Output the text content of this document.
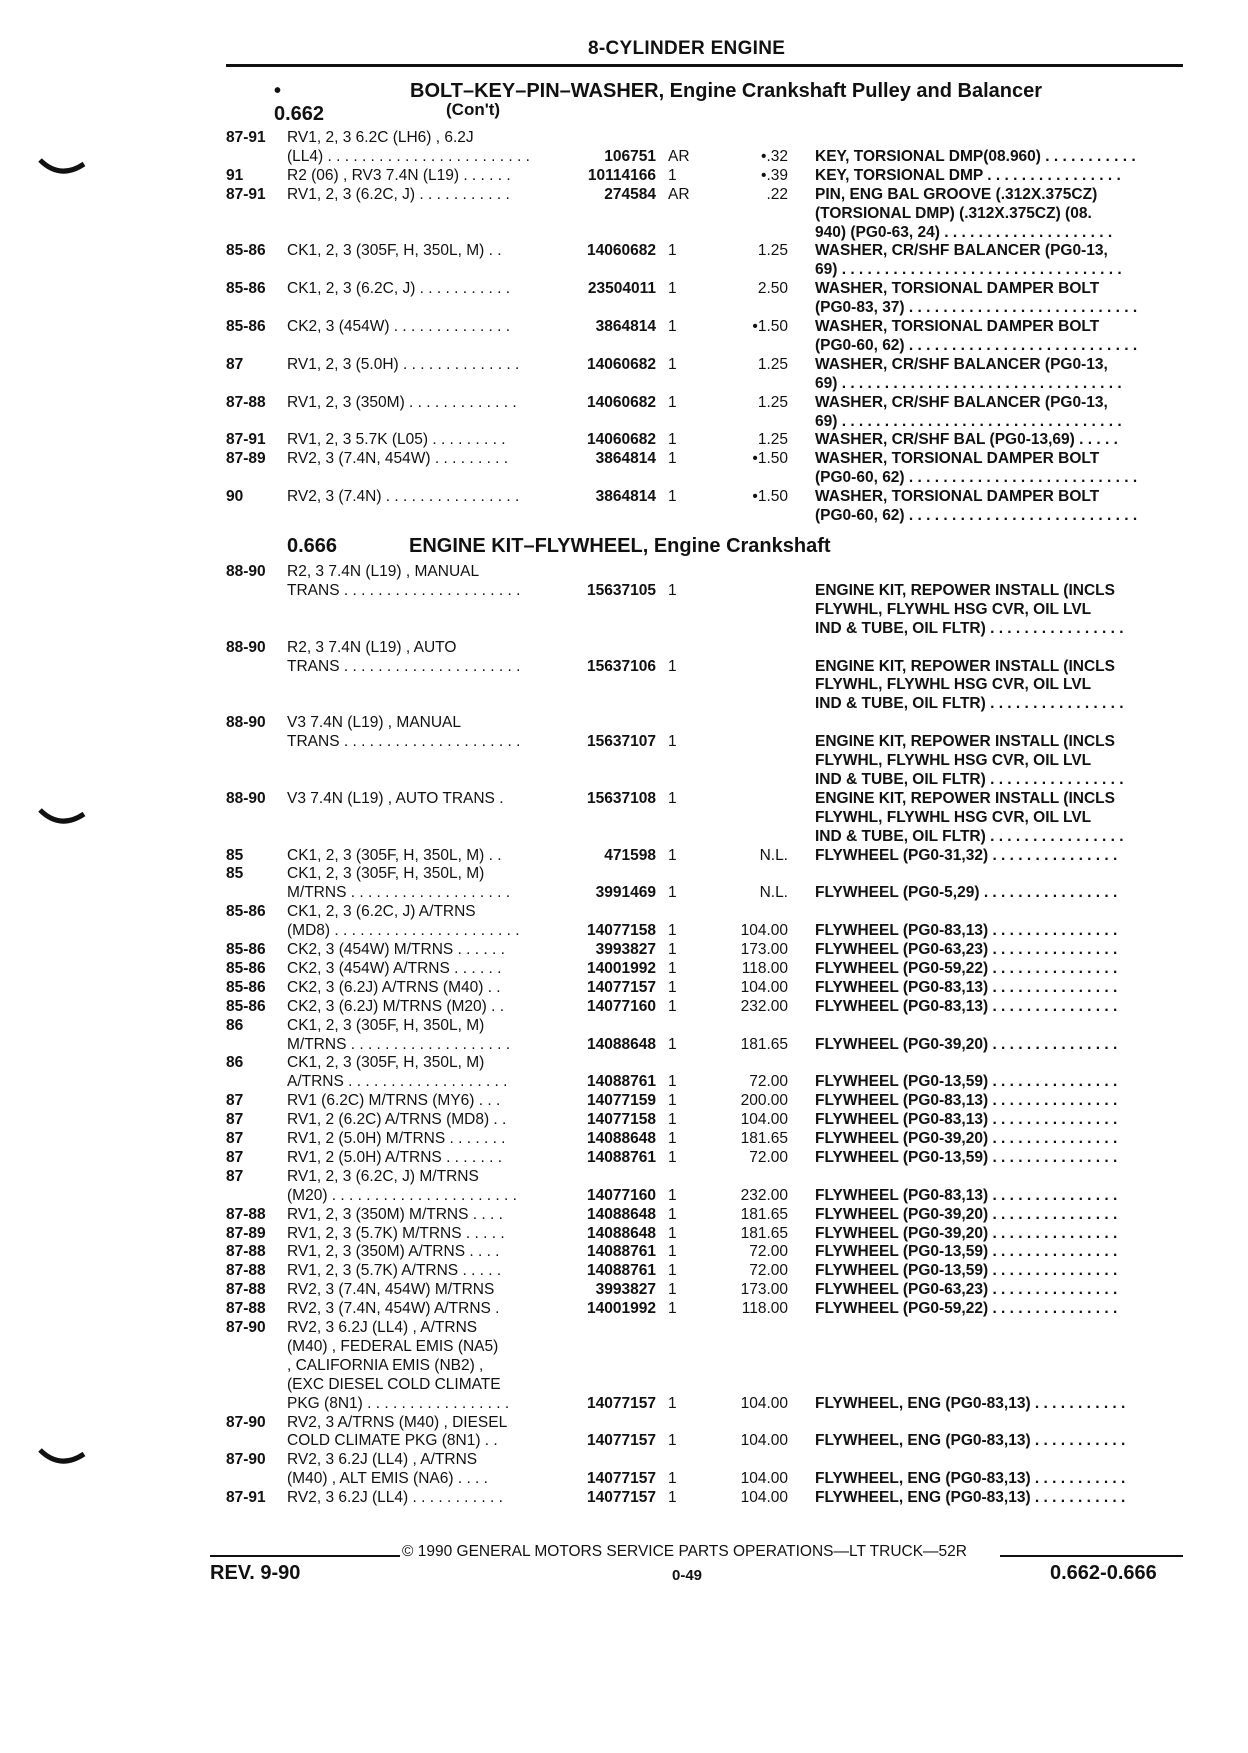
8-CYLINDER ENGINE
• 0.662
BOLT–KEY–PIN–WASHER, Engine Crankshaft Pulley and Balancer
(Con't)
0.666	ENGINE KIT–FLYWHEEL, Engine Crankshaft
87-91	RV1, 2, 3 6.2C (LH6) , 6.2J
(LL4) . . . . . . . . . . . . . . . . . . . . . . . .	106751 AR	•.32 KEY, TORSIONAL DMP(08.960) . . . . . . . . . . .
91	R2 (06) , RV3 7.4N (L19) . . . . . .	10114166 1	•.39 KEY, TORSIONAL DMP . . . . . . . . . . . . . . . .
87-91	RV1, 2, 3 (6.2C, J) . . . . . . . . . . .	274584 AR	.22 PIN, ENG BAL GROOVE (.312X.375CZ)
(TORSIONAL DMP) (.312X.375CZ) (08.
940) (PG0-63, 24) . . . . . . . . . . . . . . . . . . . .
85-86	CK1, 2, 3 (305F, H, 350L, M) . .	14060682 1	1.25 WASHER, CR/SHF BALANCER (PG0-13,
69) . . . . . . . . . . . . . . . . . . . . . . . . . . . . . . . . .
85-86	CK1, 2, 3 (6.2C, J) . . . . . . . . . . .	23504011 1	2.50 WASHER, TORSIONAL DAMPER BOLT
(PG0-83, 37) . . . . . . . . . . . . . . . . . . . . . . . . . . .
85-86	CK2, 3 (454W) . . . . . . . . . . . . . .	3864814 1	•1.50 WASHER, TORSIONAL DAMPER BOLT
(PG0-60, 62) . . . . . . . . . . . . . . . . . . . . . . . . . . .
87	RV1, 2, 3 (5.0H) . . . . . . . . . . . . . .	14060682 1	1.25 WASHER, CR/SHF BALANCER (PG0-13,
69) . . . . . . . . . . . . . . . . . . . . . . . . . . . . . . . . .
87-88	RV1, 2, 3 (350M) . . . . . . . . . . . . .	14060682 1	1.25 WASHER, CR/SHF BALANCER (PG0-13,
69) . . . . . . . . . . . . . . . . . . . . . . . . . . . . . . . . .
87-91	RV1, 2, 3 5.7K (L05) . . . . . . . . .	14060682 1	1.25 WASHER, CR/SHF BAL (PG0-13,69) . . . . .
87-89	RV2, 3 (7.4N, 454W) . . . . . . . . .	3864814 1	•1.50 WASHER, TORSIONAL DAMPER BOLT
(PG0-60, 62) . . . . . . . . . . . . . . . . . . . . . . . . . . .
90	RV2, 3 (7.4N) . . . . . . . . . . . . . . . .	3864814 1	•1.50 WASHER, TORSIONAL DAMPER BOLT
(PG0-60, 62) . . . . . . . . . . . . . . . . . . . . . . . . . . .
88-90	R2, 3 7.4N (L19) , MANUAL
TRANS . . . . . . . . . . . . . . . . . . . . .	15637105 1	ENGINE KIT, REPOWER INSTALL (INCLS
FLYWHL, FLYWHL HSG CVR, OIL LVL
IND & TUBE, OIL FLTR) . . . . . . . . . . . . . . . .
88-90	R2, 3 7.4N (L19) , AUTO
TRANS . . . . . . . . . . . . . . . . . . . . .	15637106 1	ENGINE KIT, REPOWER INSTALL (INCLS
FLYWHL, FLYWHL HSG CVR, OIL LVL
IND & TUBE, OIL FLTR) . . . . . . . . . . . . . . . .
88-90	V3 7.4N (L19) , MANUAL
TRANS . . . . . . . . . . . . . . . . . . . . .	15637107 1	ENGINE KIT, REPOWER INSTALL (INCLS
FLYWHL, FLYWHL HSG CVR, OIL LVL
IND & TUBE, OIL FLTR) . . . . . . . . . . . . . . . .
88-90	V3 7.4N (L19) , AUTO TRANS .	15637108 1	ENGINE KIT, REPOWER INSTALL (INCLS
FLYWHL, FLYWHL HSG CVR, OIL LVL
IND & TUBE, OIL FLTR) . . . . . . . . . . . . . . . .
85	CK1, 2, 3 (305F, H, 350L, M) . .	471598 1	N.L. FLYWHEEL (PG0-31,32) . . . . . . . . . . . . . . .
85	CK1, 2, 3 (305F, H, 350L, M)
M/TRNS . . . . . . . . . . . . . . . . . . .	3991469 1	N.L. FLYWHEEL (PG0-5,29) . . . . . . . . . . . . . . . .
85-86	CK1, 2, 3 (6.2C, J) A/TRNS
(MD8) . . . . . . . . . . . . . . . . . . . . . .	14077158 1	104.00 FLYWHEEL (PG0-83,13) . . . . . . . . . . . . . . .
85-86	CK2, 3 (454W) M/TRNS . . . . . .	3993827 1	173.00 FLYWHEEL (PG0-63,23) . . . . . . . . . . . . . . .
85-86	CK2, 3 (454W) A/TRNS . . . . . .	14001992 1	118.00 FLYWHEEL (PG0-59,22) . . . . . . . . . . . . . . .
85-86	CK2, 3 (6.2J) A/TRNS (M40) . .	14077157 1	104.00 FLYWHEEL (PG0-83,13) . . . . . . . . . . . . . . .
85-86	CK2, 3 (6.2J) M/TRNS (M20) . .	14077160 1	232.00 FLYWHEEL (PG0-83,13) . . . . . . . . . . . . . . .
86	CK1, 2, 3 (305F, H, 350L, M)
M/TRNS . . . . . . . . . . . . . . . . . . .	14088648 1	181.65 FLYWHEEL (PG0-39,20) . . . . . . . . . . . . . . .
86	CK1, 2, 3 (305F, H, 350L, M)
A/TRNS . . . . . . . . . . . . . . . . . . .	14088761 1	72.00 FLYWHEEL (PG0-13,59) . . . . . . . . . . . . . . .
87	RV1 (6.2C) M/TRNS (MY6) . . .	14077159 1	200.00 FLYWHEEL (PG0-83,13) . . . . . . . . . . . . . . .
87	RV1, 2 (6.2C) A/TRNS (MD8) . .	14077158 1	104.00 FLYWHEEL (PG0-83,13) . . . . . . . . . . . . . . .
87	RV1, 2 (5.0H) M/TRNS . . . . . . .	14088648 1	181.65 FLYWHEEL (PG0-39,20) . . . . . . . . . . . . . . .
87	RV1, 2 (5.0H) A/TRNS . . . . . . .	14088761 1	72.00 FLYWHEEL (PG0-13,59) . . . . . . . . . . . . . . .
87	RV1, 2, 3 (6.2C, J) M/TRNS
(M20) . . . . . . . . . . . . . . . . . . . . . .	14077160 1	232.00 FLYWHEEL (PG0-83,13) . . . . . . . . . . . . . . .
87-88	RV1, 2, 3 (350M) M/TRNS . . . .	14088648 1	181.65 FLYWHEEL (PG0-39,20) . . . . . . . . . . . . . . .
87-89	RV1, 2, 3 (5.7K) M/TRNS . . . . .	14088648 1	181.65 FLYWHEEL (PG0-39,20) . . . . . . . . . . . . . . .
87-88	RV1, 2, 3 (350M) A/TRNS . . . .	14088761 1	72.00 FLYWHEEL (PG0-13,59) . . . . . . . . . . . . . . .
87-88	RV1, 2, 3 (5.7K) A/TRNS . . . . .	14088761 1	72.00 FLYWHEEL (PG0-13,59) . . . . . . . . . . . . . . .
87-88	RV2, 3 (7.4N, 454W) M/TRNS	3993827 1	173.00 FLYWHEEL (PG0-63,23) . . . . . . . . . . . . . . .
87-88	RV2, 3 (7.4N, 454W) A/TRNS .	14001992 1	118.00 FLYWHEEL (PG0-59,22) . . . . . . . . . . . . . . .
87-90	RV2, 3 6.2J (LL4) , A/TRNS
(M40) , FEDERAL EMIS (NA5)
, CALIFORNIA EMIS (NB2) ,
(EXC DIESEL COLD CLIMATE
PKG (8N1) . . . . . . . . . . . . . . . . .	14077157 1	104.00 FLYWHEEL, ENG (PG0-83,13) . . . . . . . . . . .
87-90	RV2, 3 A/TRNS (M40) , DIESEL
COLD CLIMATE PKG (8N1) . .	14077157 1	104.00 FLYWHEEL, ENG (PG0-83,13) . . . . . . . . . . .
87-90	RV2, 3 6.2J (LL4) , A/TRNS
(M40) , ALT EMIS (NA6) . . . .	14077157 1	104.00 FLYWHEEL, ENG (PG0-83,13) . . . . . . . . . . .
87-91	RV2, 3 6.2J (LL4) . . . . . . . . . . .	14077157 1	104.00 FLYWHEEL, ENG (PG0-83,13) . . . . . . . . . . .
© 1990 GENERAL MOTORS SERVICE PARTS OPERATIONS—LT TRUCK—52R
REV. 9-90	0-49	0.662-0.666
